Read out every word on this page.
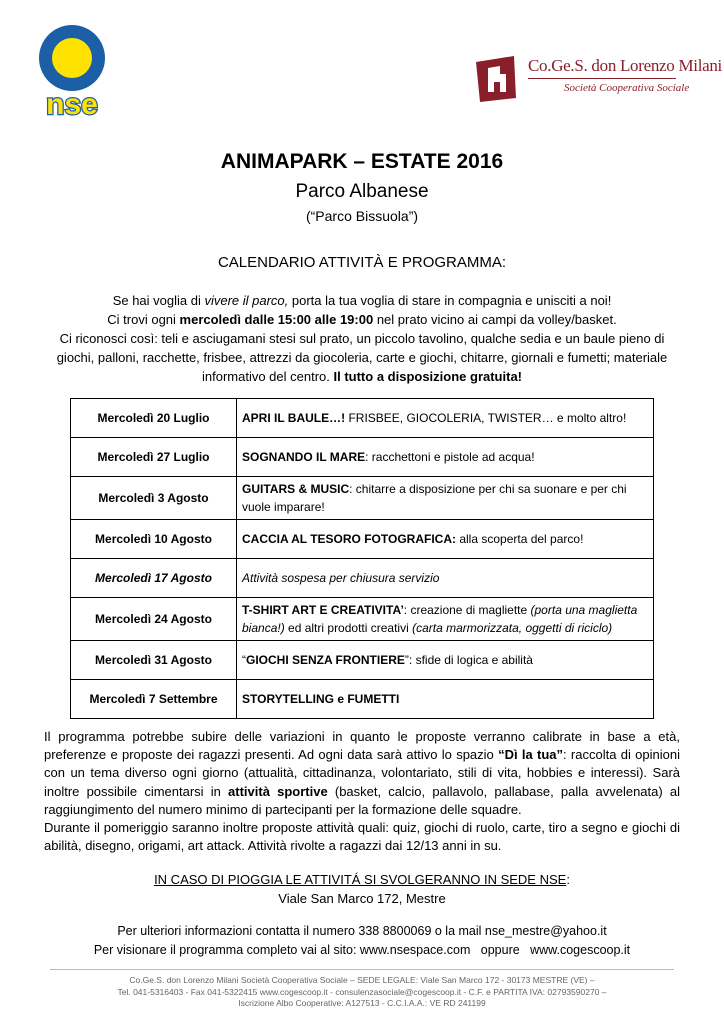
nse
Co.Ge.S. don Lorenzo Milani
Società Cooperativa Sociale
ANIMAPARK – ESTATE 2016
Parco Albanese
(“Parco Bissuola”)
CALENDARIO ATTIVITÀ E PROGRAMMA:
Se hai voglia di vivere il parco, porta la tua voglia di stare in compagnia e unisciti a noi!
Ci trovi ogni mercoledì dalle 15:00 alle 19:00 nel prato vicino ai campi da volley/basket.
Ci riconosci così: teli e asciugamani stesi sul prato, un piccolo tavolino, qualche sedia e un baule pieno di giochi, palloni, racchette, frisbee, attrezzi da giocoleria, carte e giochi, chitarre, giornali e fumetti; materiale informativo del centro. Il tutto a disposizione gratuita!
Mercoledì 20 Luglio	APRI IL BAULE…! FRISBEE, GIOCOLERIA, TWISTER… e molto altro!
Mercoledì 27 Luglio	SOGNANDO IL MARE: racchettoni e pistole ad acqua!
Mercoledì 3 Agosto	GUITARS & MUSIC: chitarre a disposizione per chi sa suonare e per chi vuole imparare!
Mercoledì 10 Agosto	CACCIA AL TESORO FOTOGRAFICA: alla scoperta del parco!
Mercoledì 17 Agosto	Attività sospesa per chiusura servizio
Mercoledì 24 Agosto	T-SHIRT ART E CREATIVITA’: creazione di magliette (porta una maglietta bianca!) ed altri prodotti creativi (carta marmorizzata, oggetti di riciclo)
Mercoledì 31 Agosto	“GIOCHI SENZA FRONTIERE”: sfide di logica e abilità
Mercoledì 7 Settembre	STORYTELLING e FUMETTI
Il programma potrebbe subire delle variazioni in quanto le proposte verranno calibrate in base a età, preferenze e proposte dei ragazzi presenti. Ad ogni data sarà attivo lo spazio “Dì la tua”: raccolta di opinioni con un tema diverso ogni giorno (attualità, cittadinanza, volontariato, stili di vita, hobbies e interessi). Sarà inoltre possibile cimentarsi in attività sportive (basket, calcio, pallavolo, pallabase, palla avvelenata) al raggiungimento del numero minimo di partecipanti per la formazione delle squadre.
Durante il pomeriggio saranno inoltre proposte attività quali: quiz, giochi di ruolo, carte, tiro a segno e giochi di abilità, disegno, origami, art attack. Attività rivolte a ragazzi dai 12/13 anni in su.
IN CASO DI PIOGGIA LE ATTIVITÁ SI SVOLGERANNO IN SEDE NSE:
Viale San Marco 172, Mestre
Per ulteriori informazioni contatta il numero 338 8800069 o la mail nse_mestre@yahoo.it
Per visionare il programma completo vai al sito: www.nsespace.com   oppure   www.cogescoop.it
Co.Ge.S. don Lorenzo Milani Società Cooperativa Sociale – SEDE LEGALE: Viale San Marco 172 - 30173 MESTRE (VE) –
Tel. 041-5316403 - Fax 041-5322415 www.cogescoop.it - consulenzasociale@cogescoop.it - C.F. e PARTITA IVA: 02793590270 –
Iscrizione Albo Cooperative: A127513 - C.C.I.A.A.: VE RD 241199
